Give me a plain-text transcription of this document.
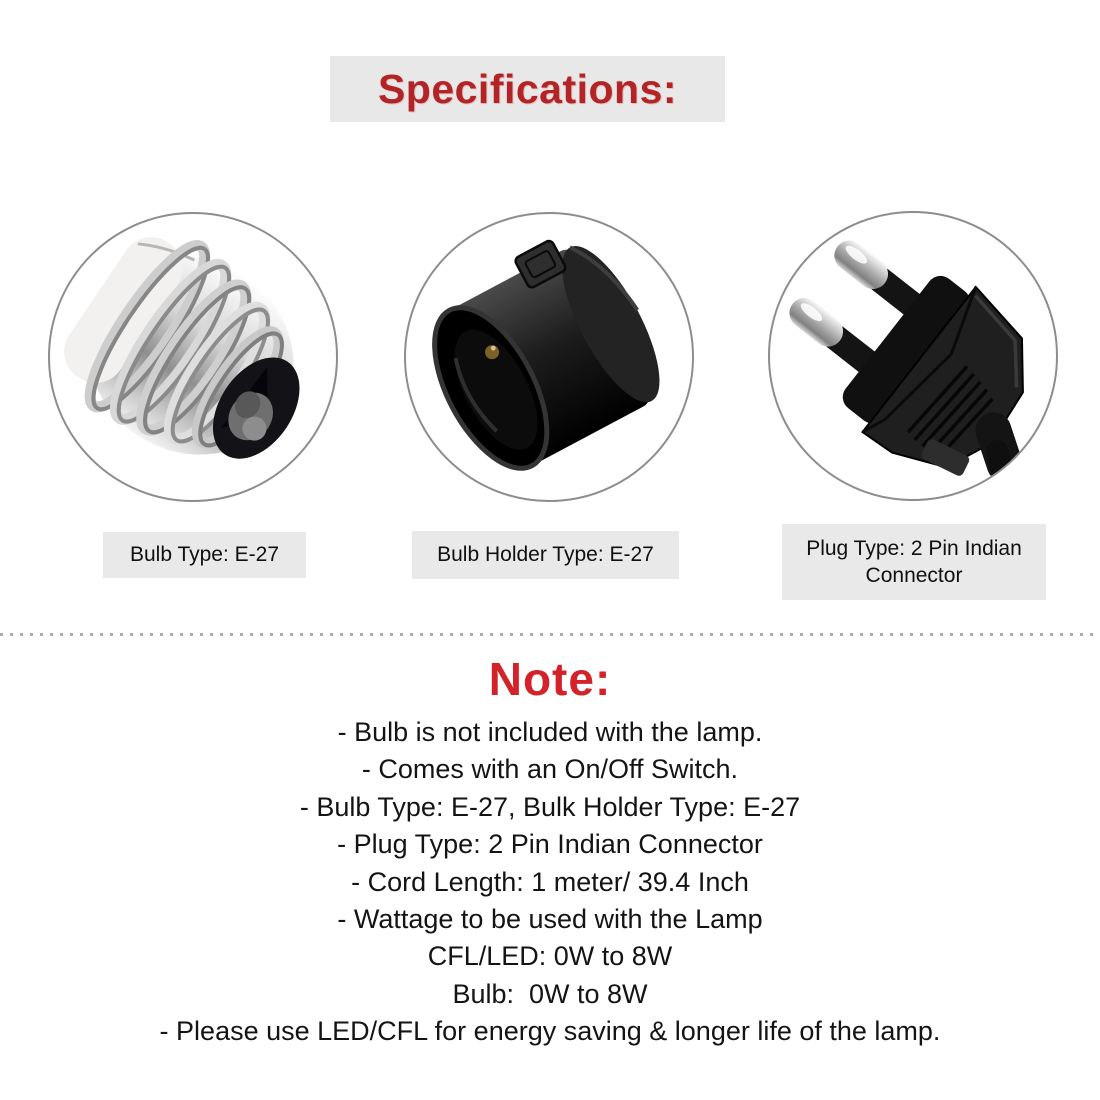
Specifications:
Bulb Type: E-27	Bulb Holder Type: E-27	Plug Type: 2 Pin Indian Connector
Note:
- Bulb is not included with the lamp.
- Comes with an On/Off Switch.
- Bulb Type: E-27, Bulk Holder Type: E-27
- Plug Type: 2 Pin Indian Connector
- Cord Length: 1 meter/ 39.4 Inch
- Wattage to be used with the Lamp
CFL/LED: 0W to 8W
Bulb:  0W to 8W
- Please use LED/CFL for energy saving & longer life of the lamp.
